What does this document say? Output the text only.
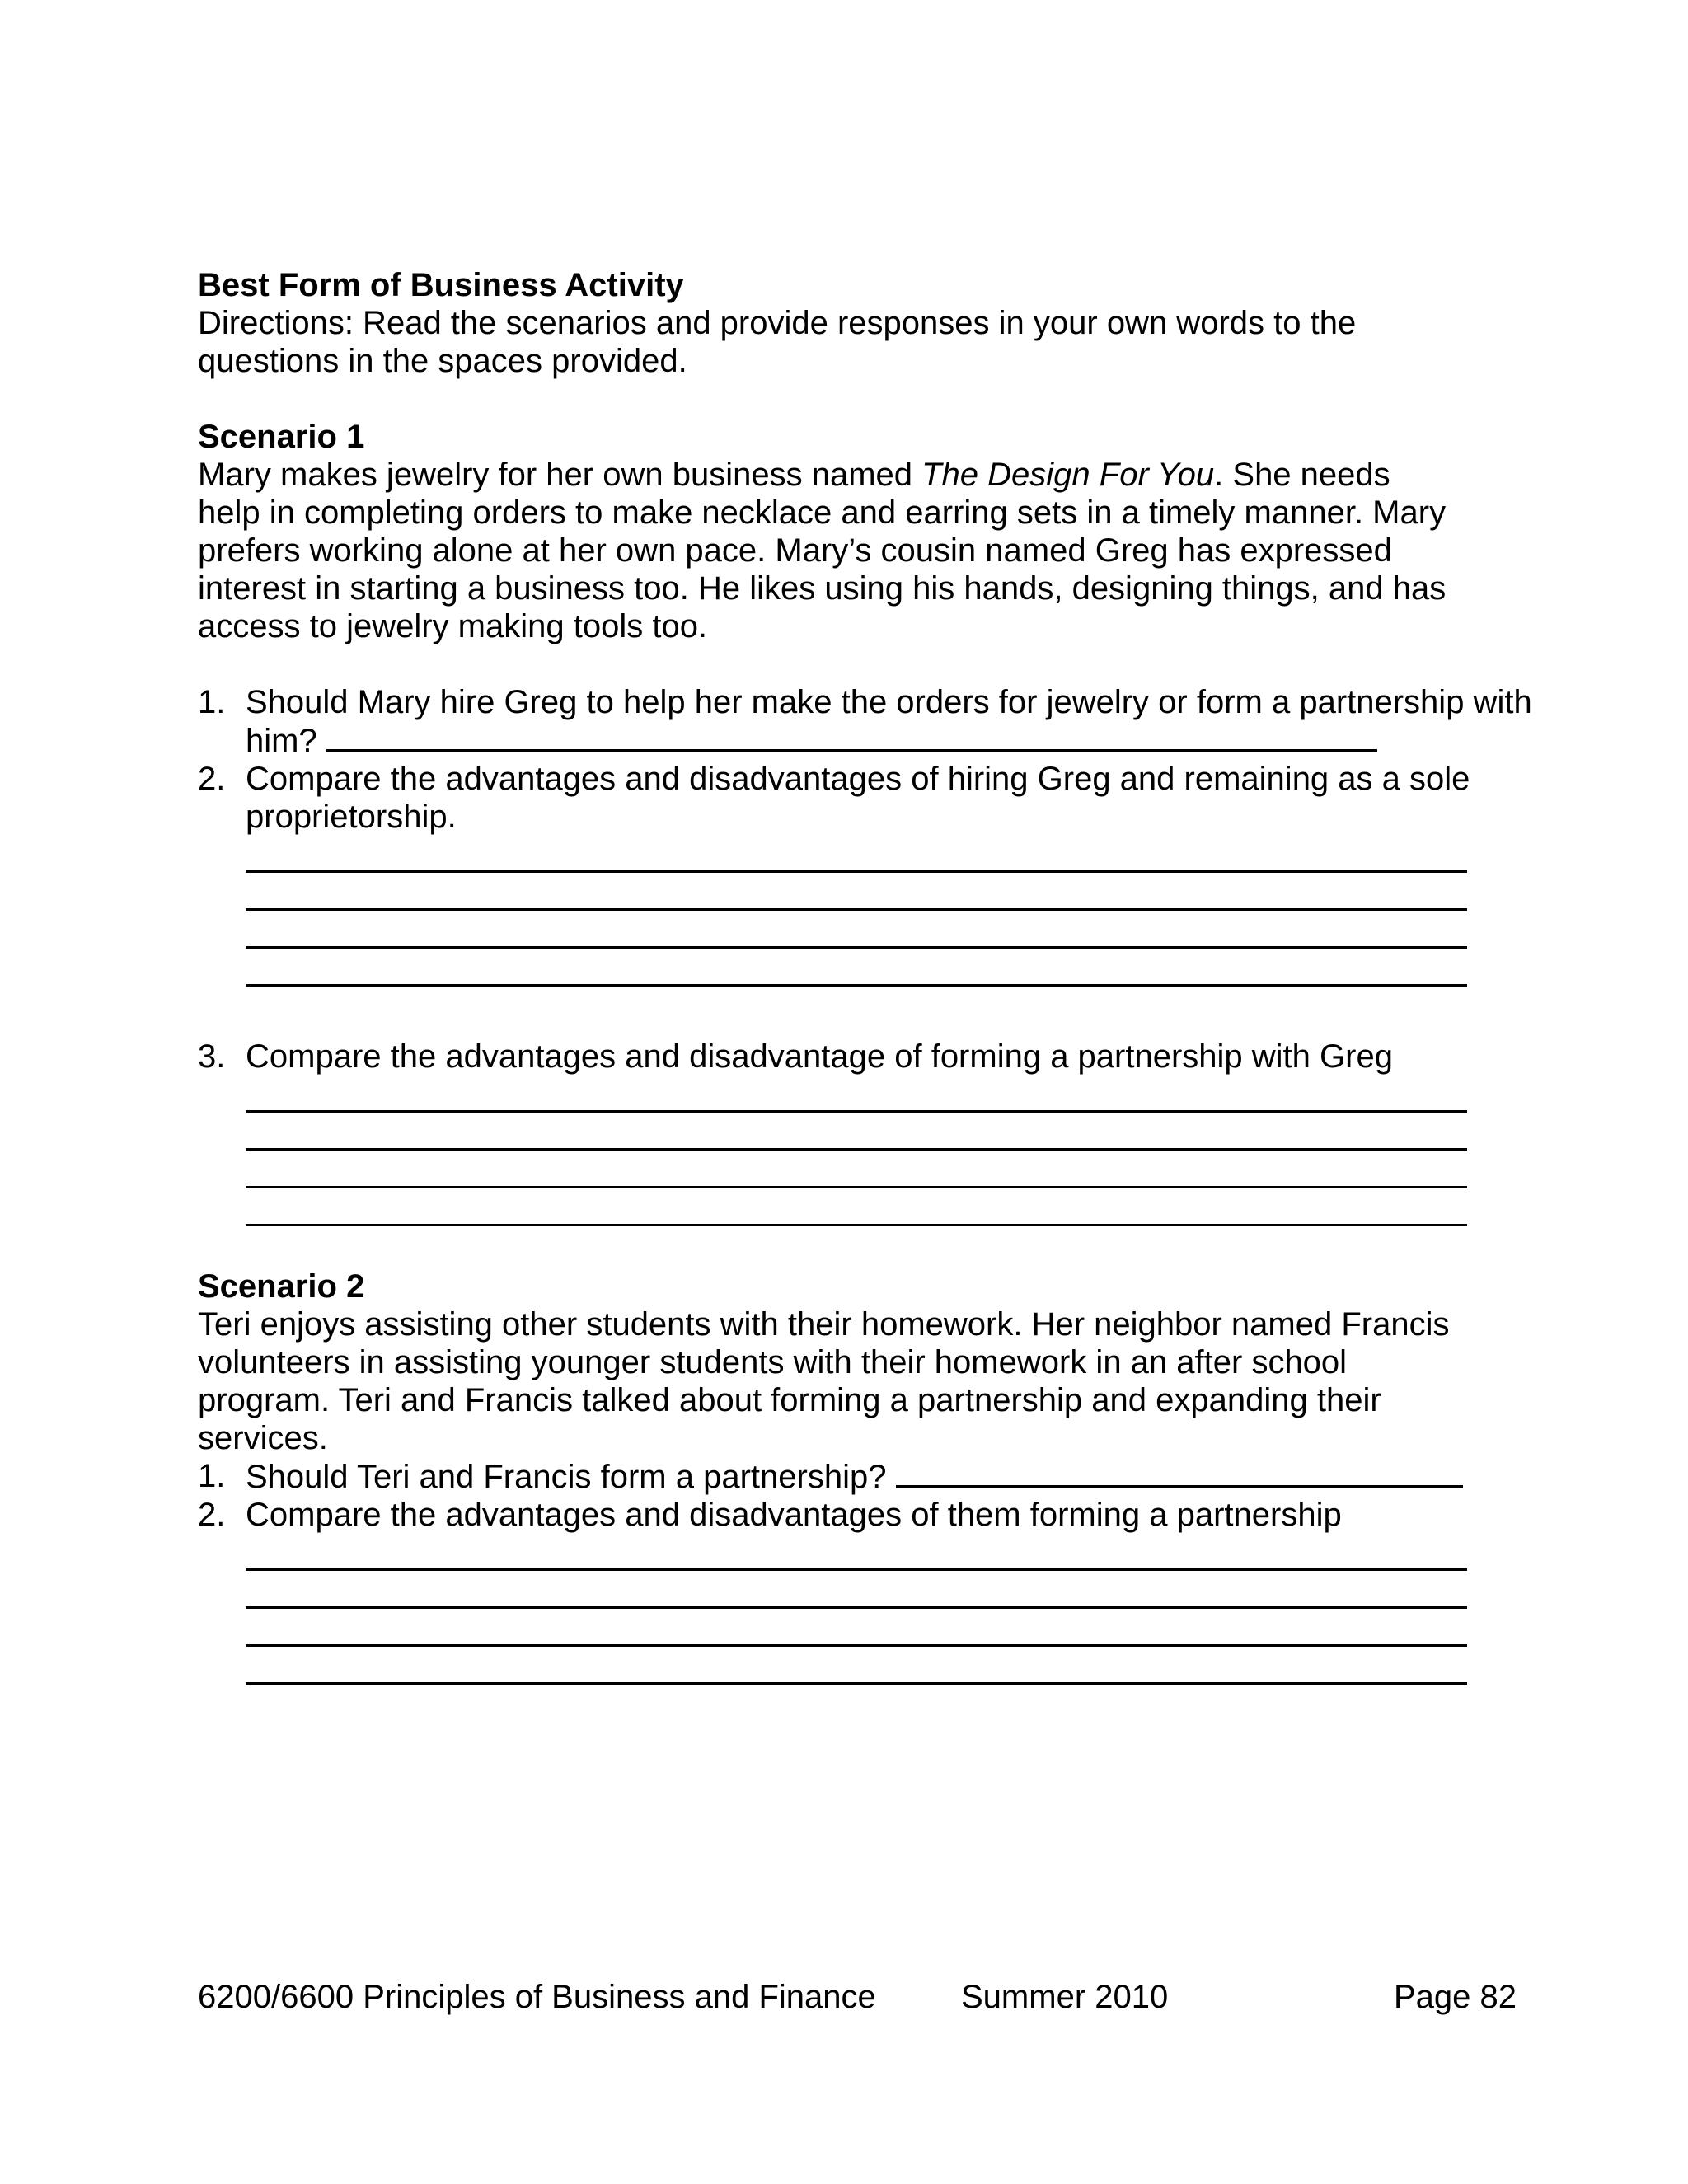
Best Form of Business Activity

Directions: Read the scenarios and provide responses in your own words to the questions in the spaces provided.

Scenario 1

Mary makes jewelry for her own business named The Design For You. She needs help in completing orders to make necklace and earring sets in a timely manner. Mary prefers working alone at her own pace. Mary’s cousin named Greg has expressed interest in starting a business too. He likes using his hands, designing things, and has access to jewelry making tools too.

1. Should Mary hire Greg to help her make the orders for jewelry or form a partnership with him?
2. Compare the advantages and disadvantages of hiring Greg and remaining as a sole proprietorship.
3. Compare the advantages and disadvantage of forming a partnership with Greg

Scenario 2

Teri enjoys assisting other students with their homework. Her neighbor named Francis volunteers in assisting younger students with their homework in an after school program. Teri and Francis talked about forming a partnership and expanding their services.

1. Should Teri and Francis form a partnership?
2. Compare the advantages and disadvantages of them forming a partnership
6200/6600 Principles of Business and Finance	Summer 2010	Page 82
